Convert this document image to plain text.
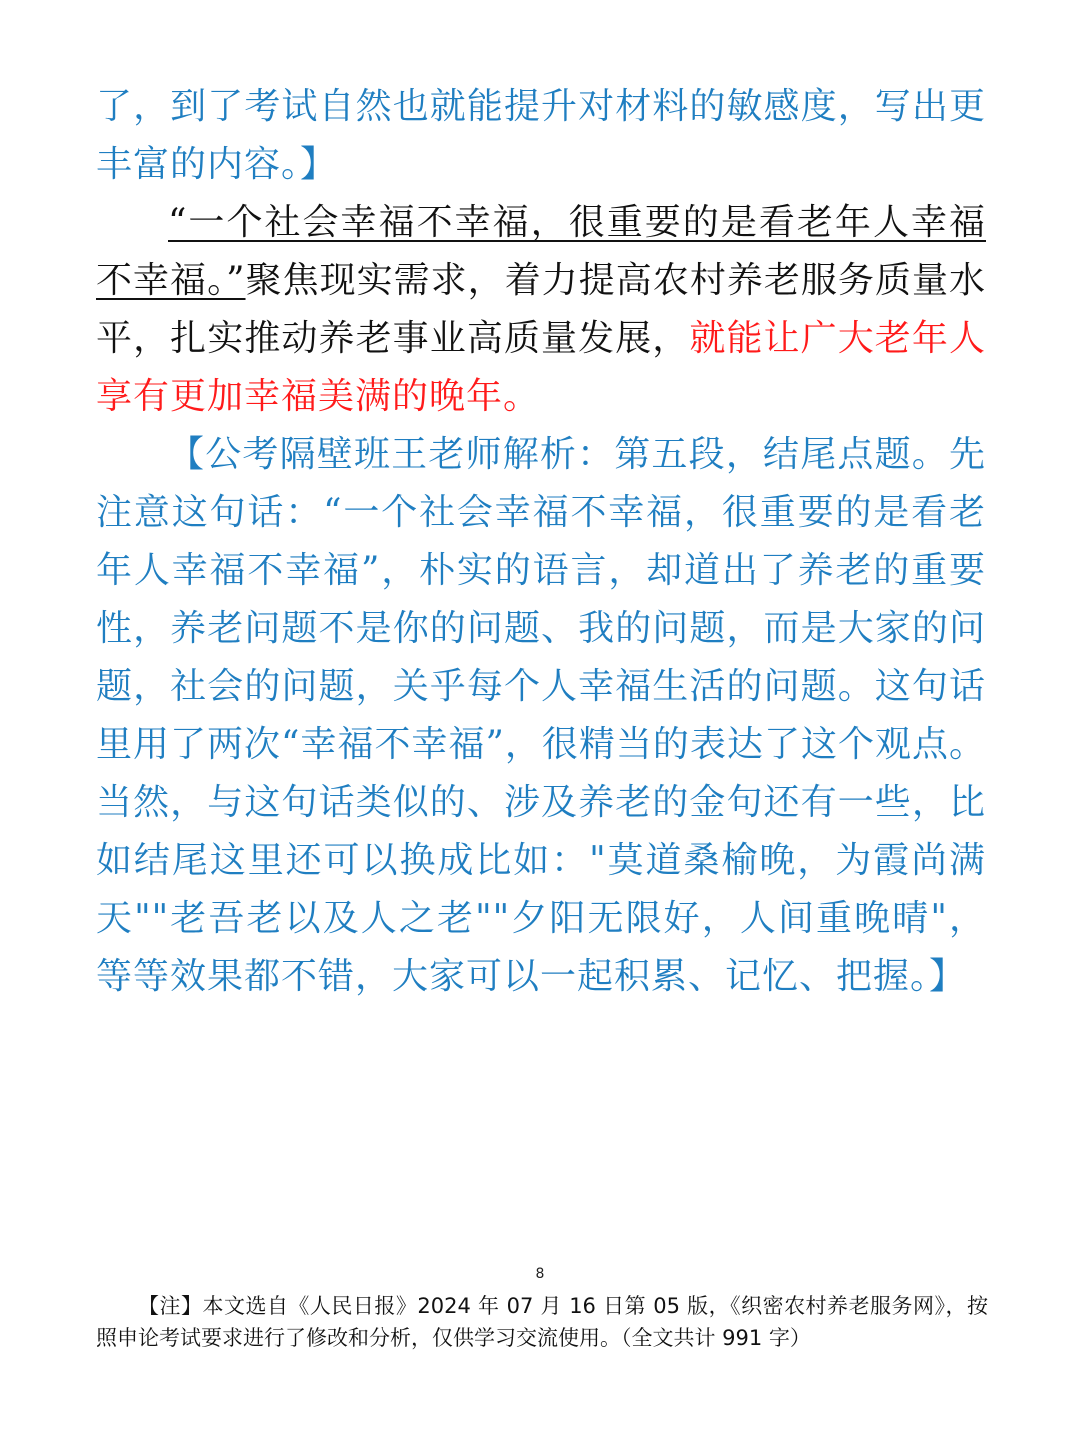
了，到了考试自然也就能提升对材料的敏感度，写出更丰富的内容。】

“一个社会幸福不幸福，很重要的是看老年人幸福不幸福。”聚焦现实需求，着力提高农村养老服务质量水平，扎实推动养老事业高质量发展，就能让广大老年人享有更加幸福美满的晚年。

【公考隔壁班王老师解析：第五段，结尾点题。先注意这句话：“一个社会幸福不幸福，很重要的是看老年人幸福不幸福”，朴实的语言，却道出了养老的重要性，养老问题不是你的问题、我的问题，而是大家的问题，社会的问题，关乎每个人幸福生活的问题。这句话里用了两次“幸福不幸福”，很精当的表达了这个观点。当然，与这句话类似的、涉及养老的金句还有一些，比如结尾这里还可以换成比如："莫道桑榆晚，为霞尚满天""老吾老以及人之老""夕阳无限好，人间重晚晴"，等等效果都不错，大家可以一起积累、记忆、把握。】

8
【注】本文选自《人民日报》2024 年 07 月 16 日第 05 版，《织密农村养老服务网》，按照申论考试要求进行了修改和分析，仅供学习交流使用。（全文共计 991 字）
